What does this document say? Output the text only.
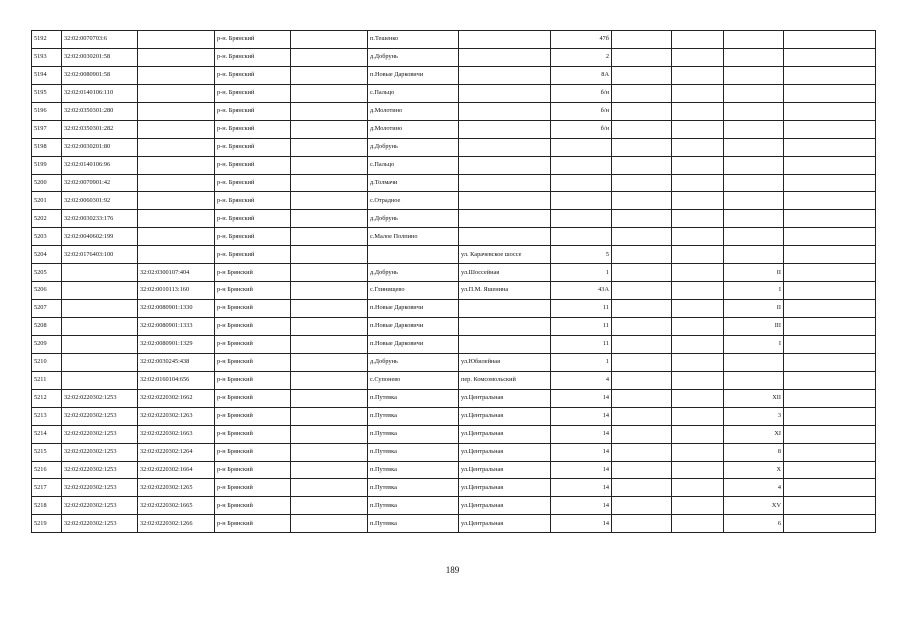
5192	32:02:0070703:6		р-н. Брянский		п.Тешенко		47б				
5193	32:02:0030201:58		р-н. Брянский		д.Добрунь		2				
5194	32:02:0080901:58		р-н. Брянский		п.Новые Дарковичи		8А				
5195	32:02:0140106:110		р-н. Брянский		с.Пальцо		б/н				
5196	32:02:0350301:280		р-н. Брянский		д.Молотино		б/н				
5197	32:02:0350301:282		р-н. Брянский		д.Молотино		б/н				
5198	32:02:0030201:80		р-н. Брянский		д.Добрунь						
5199	32:02:0140106:96		р-н. Брянский		с.Пальцо						
5200	32:02:0070901:42		р-н. Брянский		д.Толмачи						
5201	32:02:0060301:92		р-н. Брянский		с.Отрадное						
5202	32:02:0030233:176		р-н. Брянский		д.Добрунь						
5203	32:02:0040602:199		р-н. Брянский		с.Малое Полпино						
5204	32:02:0176403:100		р-н. Брянский			ул. Карачевское шоссе	5				
5205		32:02:0300107:404	р-н Брянский		д.Добрунь	ул.Шоссейная	1			II	
5206		32:02:0010113:160	р-н Брянский		с.Глинищево	ул.П.М. Яшенина	43А			I	
5207		32:02:0080901:1330	р-н Брянский		п.Новые Дарковичи		11			II	
5208		32:02:0080901:1333	р-н Брянский		п.Новые Дарковичи		11			III	
5209		32:02:0080901:1329	р-н Брянский		п.Новые Дарковичи		11			I	
5210		32:02:0030245:438	р-н Брянский		д.Добрунь	ул.Юбилейная	1				
5211		32:02:0160104:656	р-н Брянский		с.Супонево	пер. Комсомольский	4				
5212	32:02:0220302:1253	32:02:0220302:1662	р-н Брянский		п.Путевка	ул.Центральная	14			XII	
5213	32:02:0220302:1253	32:02:0220302:1263	р-н Брянский		п.Путевка	ул.Центральная	14			3	
5214	32:02:0220302:1253	32:02:0220302:1663	р-н Брянский		п.Путевка	ул.Центральная	14			XI	
5215	32:02:0220302:1253	32:02:0220302:1264	р-н Брянский		п.Путевка	ул.Центральная	14			8	
5216	32:02:0220302:1253	32:02:0220302:1664	р-н Брянский		п.Путевка	ул.Центральная	14			X	
5217	32:02:0220302:1253	32:02:0220302:1265	р-н Брянский		п.Путевка	ул.Центральная	14			4	
5218	32:02:0220302:1253	32:02:0220302:1665	р-н Брянский		п.Путевка	ул.Центральная	14			XV	
5219	32:02:0220302:1253	32:02:0220302:1266	р-н Брянский		п.Путевка	ул.Центральная	14			6	
189
